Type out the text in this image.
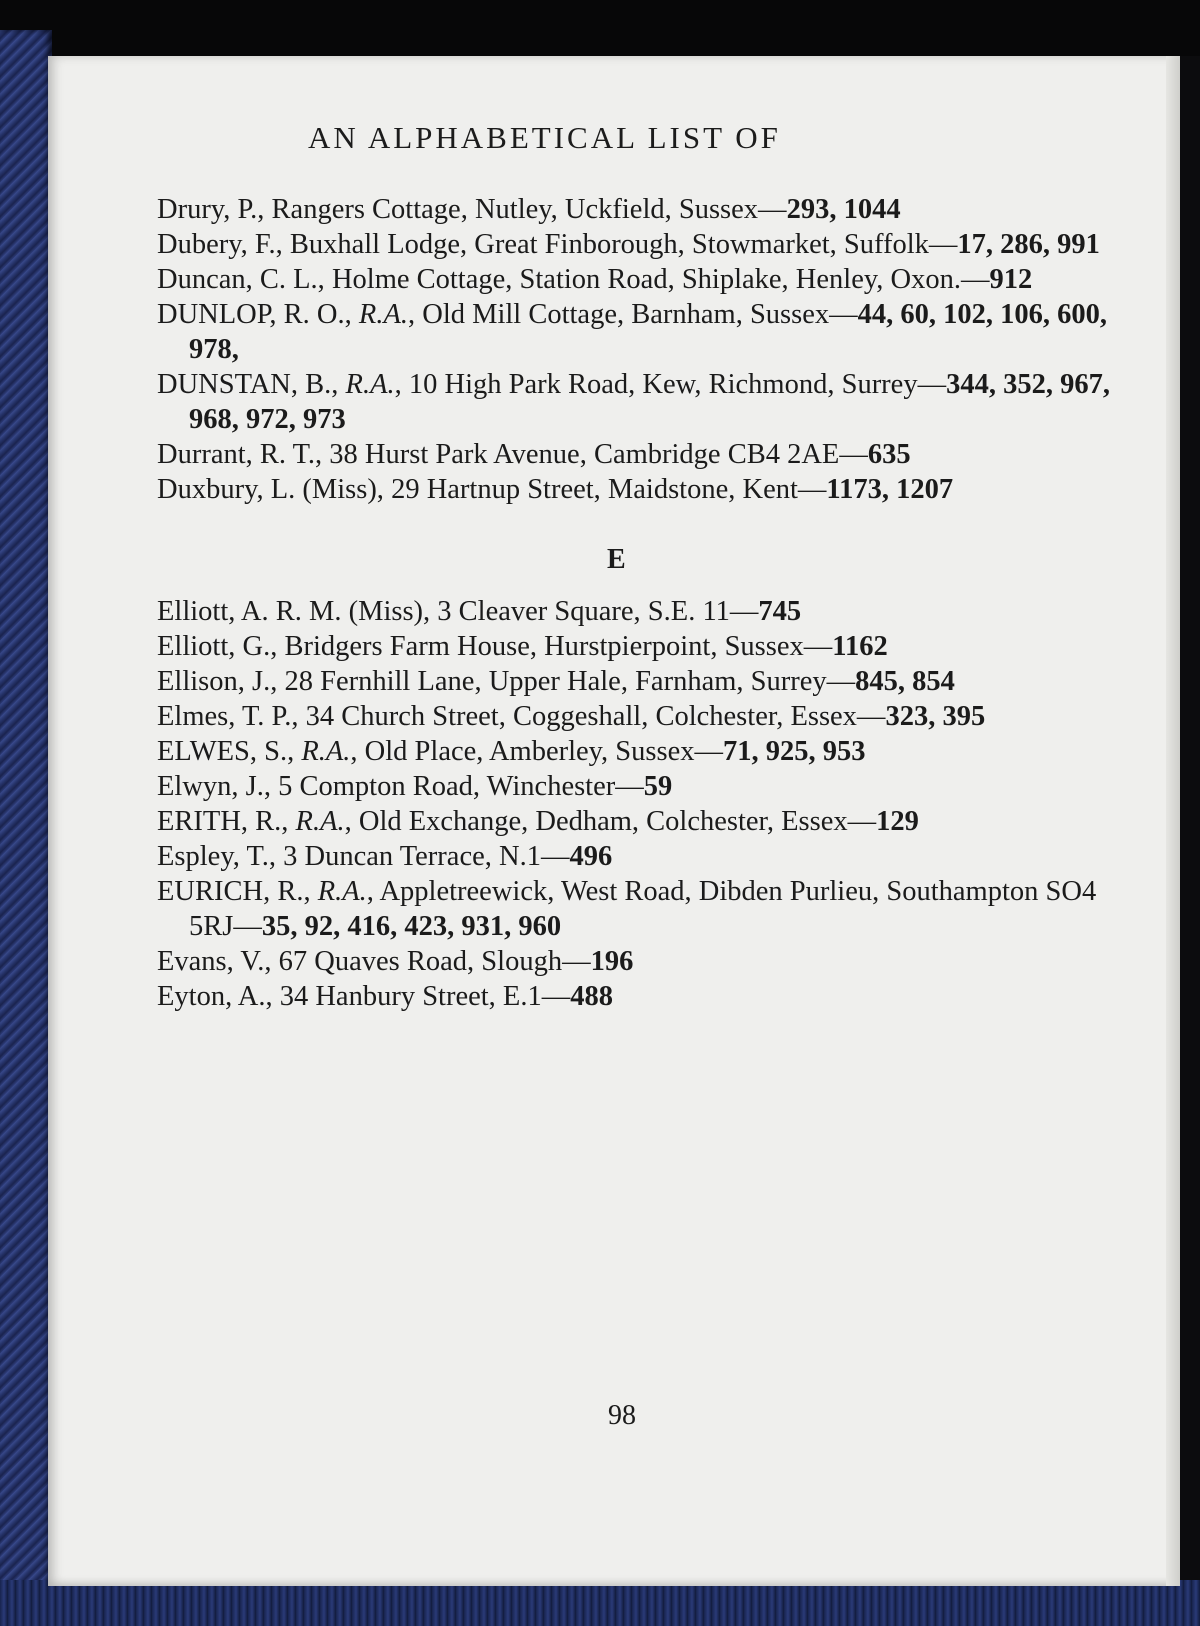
AN ALPHABETICAL LIST OF

Drury, P., Rangers Cottage, Nutley, Uckfield, Sussex—293, 1044

Dubery, F., Buxhall Lodge, Great Finborough, Stowmarket, Suffolk—17, 286, 991

Duncan, C. L., Holme Cottage, Station Road, Shiplake, Henley, Oxon.—912

DUNLOP, R. O., R.A., Old Mill Cottage, Barnham, Sussex—44, 60, 102, 106, 600, 978,

DUNSTAN, B., R.A., 10 High Park Road, Kew, Richmond, Surrey—344, 352, 967, 968, 972, 973

Durrant, R. T., 38 Hurst Park Avenue, Cambridge CB4 2AE—635

Duxbury, L. (Miss), 29 Hartnup Street, Maidstone, Kent—1173, 1207

E

Elliott, A. R. M. (Miss), 3 Cleaver Square, S.E. 11—745

Elliott, G., Bridgers Farm House, Hurstpierpoint, Sussex—1162

Ellison, J., 28 Fernhill Lane, Upper Hale, Farnham, Surrey—845, 854

Elmes, T. P., 34 Church Street, Coggeshall, Colchester, Essex—323, 395

ELWES, S., R.A., Old Place, Amberley, Sussex—71, 925, 953

Elwyn, J., 5 Compton Road, Winchester—59

ERITH, R., R.A., Old Exchange, Dedham, Colchester, Essex—129

Espley, T., 3 Duncan Terrace, N.1—496

EURICH, R., R.A., Appletreewick, West Road, Dibden Purlieu, Southampton SO4 5RJ—35, 92, 416, 423, 931, 960

Evans, V., 67 Quaves Road, Slough—196

Eyton, A., 34 Hanbury Street, E.1—488

98
